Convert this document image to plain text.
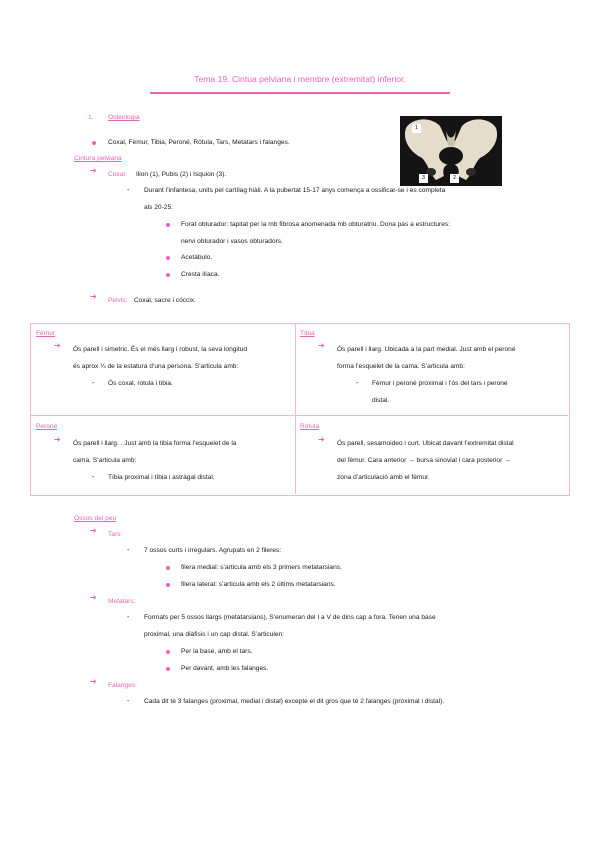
Tema 19. Cintua pelviana i membre (extremitat) inferior.
1. Osteologia
Coxal, Fèmur, Tibia, Peroné, Ròtula, Tars, Metatars i falanges.
Cintura pelviana
➔ Coxal: Ilion (1), Pubis (2) i Isquion (3).
- Durant l’infantesa, units pel cartílag hiàli. A la pubertat 15-17 anys comença a ossificar-se i es completa
als 20-25.
Forat obturador: tapitat per la mb fibrosa anomenada mb obturatriu. Dona pas a estructures:
nervi obturador i vasos obturadors.
Acetàbulo.
Cresta ilíaca.
➔ Pelvis: Coxal, sacre i cóccix.
1
3	2
Fèmur
➔ Ós parell i simetric. És el més llarg i robust, la seva longitud
és aprox ¼ de la estatura d’una persona. S’articula amb:
- Ós coxal, rotula i tibia.
Tíbia
➔ Ós parell i llarg. Ubicada a la part medial. Just amb el peroné
forma l’esquelet de la cama. S’articula amb:
- Fèmur i peroné proximal i l’ós del tars i peroné
distal.
Peroné
➔ Ós parell i llarg. . Just amb la tibia forma l’esquelet de la
cama. S’articula amb:
- Tíbia proximal i tíbia i astràgal distal.
Ròtula
➔ Ós parell, sesamoideo i curt. Ubicat davant l’extremitat distal
del fèmur. Cara anterior → bursa sinovial i cara posterior →
zona d’articulació amb el fèmur.
Ossos del peu
➔ Tars:
- 7 ossos curts i irregulars. Agrupats en 2 fileres:
filera medial: s’articula amb els 3 primers metatarsians.
filera lateral: s’articula amb els 2 últims metatarsians.
➔ Metatars:
- Formats per 5 ossos llargs (metatarsians), S’enumeran del I a V de dins cap a fora. Tenen una base
proximal, una diàfisis i un cap distal. S’articulen:
Per la base, amb el tars.
Per davant, amb les falanges.
➔ Falanges:
- Cada dit té 3 falanges (proximal, medial i distal) excepte el dit gros que té 2 falanges (proximal i distal).
